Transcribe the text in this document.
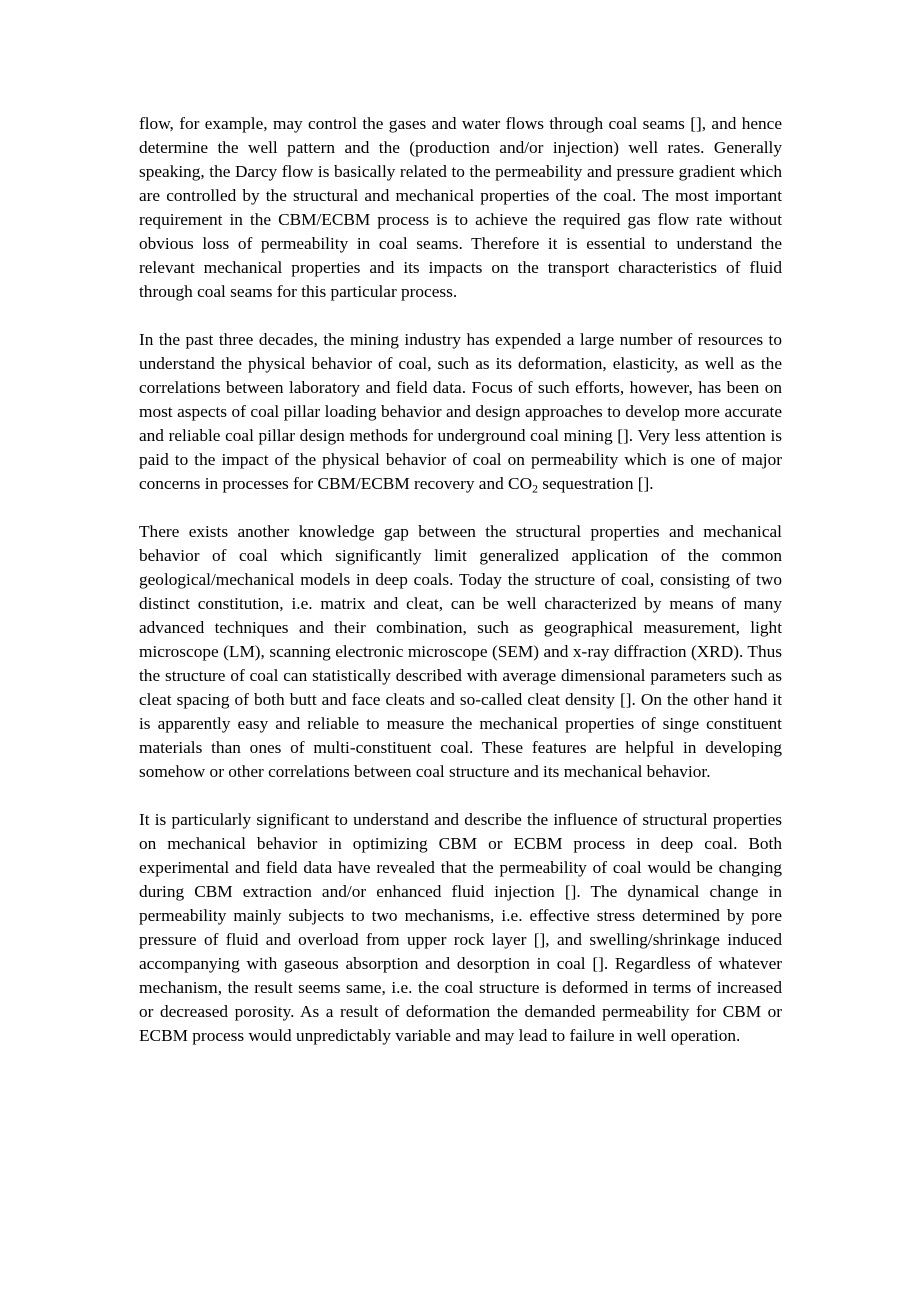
flow, for example, may control the gases and water flows through coal seams [], and hence determine the well pattern and the (production and/or injection) well rates. Generally speaking, the Darcy flow is basically related to the permeability and pressure gradient which are controlled by the structural and mechanical properties of the coal. The most important requirement in the CBM/ECBM process is to achieve the required gas flow rate without obvious loss of permeability in coal seams. Therefore it is essential to understand the relevant mechanical properties and its impacts on the transport characteristics of fluid through coal seams for this particular process.

In the past three decades, the mining industry has expended a large number of resources to understand the physical behavior of coal, such as its deformation, elasticity, as well as the correlations between laboratory and field data. Focus of such efforts, however, has been on most aspects of coal pillar loading behavior and design approaches to develop more accurate and reliable coal pillar design methods for underground coal mining []. Very less attention is paid to the impact of the physical behavior of coal on permeability which is one of major concerns in processes for CBM/ECBM recovery and $CO_2$ sequestration [].

There exists another knowledge gap between the structural properties and mechanical behavior of coal which significantly limit generalized application of the common geological/mechanical models in deep coals. Today the structure of coal, consisting of two distinct constitution, i.e. matrix and cleat, can be well characterized by means of many advanced techniques and their combination, such as geographical measurement, light microscope (LM), scanning electronic microscope (SEM) and x-ray diffraction (XRD). Thus the structure of coal can statistically described with average dimensional parameters such as cleat spacing of both butt and face cleats and so-called cleat density []. On the other hand it is apparently easy and reliable to measure the mechanical properties of singe constituent materials than ones of multi-constituent coal. These features are helpful in developing somehow or other correlations between coal structure and its mechanical behavior.

It is particularly significant to understand and describe the influence of structural properties on mechanical behavior in optimizing CBM or ECBM process in deep coal. Both experimental and field data have revealed that the permeability of coal would be changing during CBM extraction and/or enhanced fluid injection []. The dynamical change in permeability mainly subjects to two mechanisms, i.e. effective stress determined by pore pressure of fluid and overload from upper rock layer [], and swelling/shrinkage induced accompanying with gaseous absorption and desorption in coal []. Regardless of whatever mechanism, the result seems same, i.e. the coal structure is deformed in terms of increased or decreased porosity. As a result of deformation the demanded permeability for CBM or ECBM process would unpredictably variable and may lead to failure in well operation.
